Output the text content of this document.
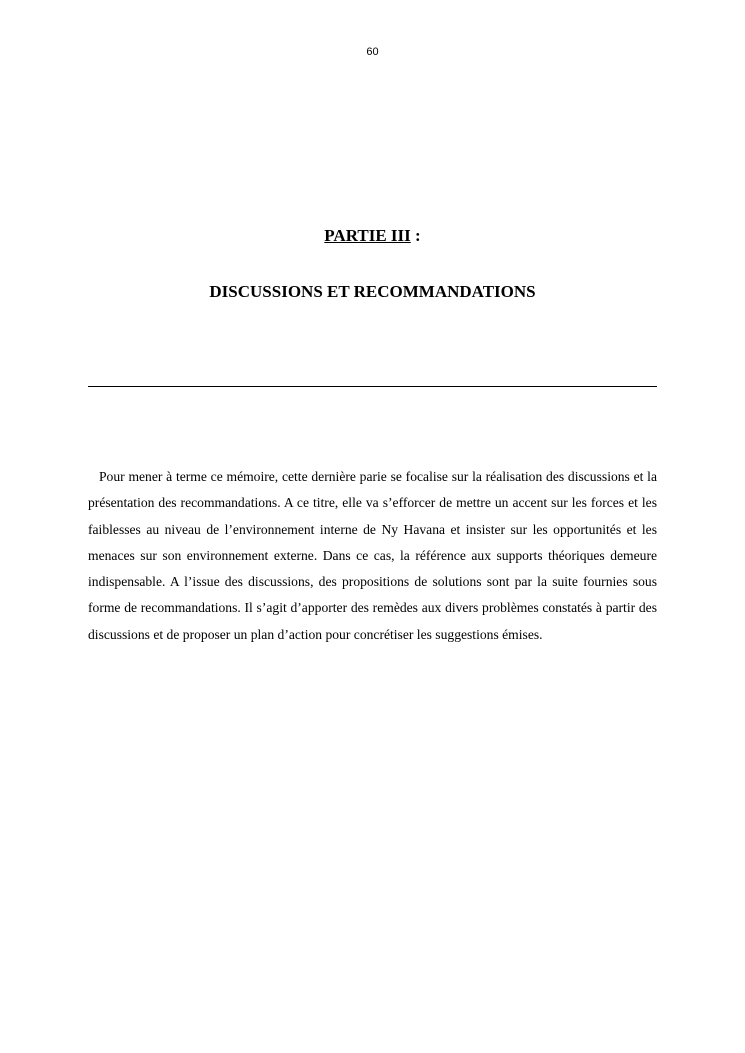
60
PARTIE III :
DISCUSSIONS ET RECOMMANDATIONS

Pour mener à terme ce mémoire, cette dernière parie se focalise sur la réalisation des discussions et la présentation des recommandations. A ce titre, elle va s’efforcer de mettre un accent sur les forces et les faiblesses au niveau de l’environnement interne de Ny Havana et insister sur les opportunités et les menaces sur son environnement externe. Dans ce cas, la référence aux supports théoriques demeure indispensable. A l’issue des discussions, des propositions de solutions sont par la suite fournies sous forme de recommandations. Il s’agit d’apporter des remèdes aux divers problèmes constatés à partir des discussions et de proposer un plan d’action pour concrétiser les suggestions émises.
